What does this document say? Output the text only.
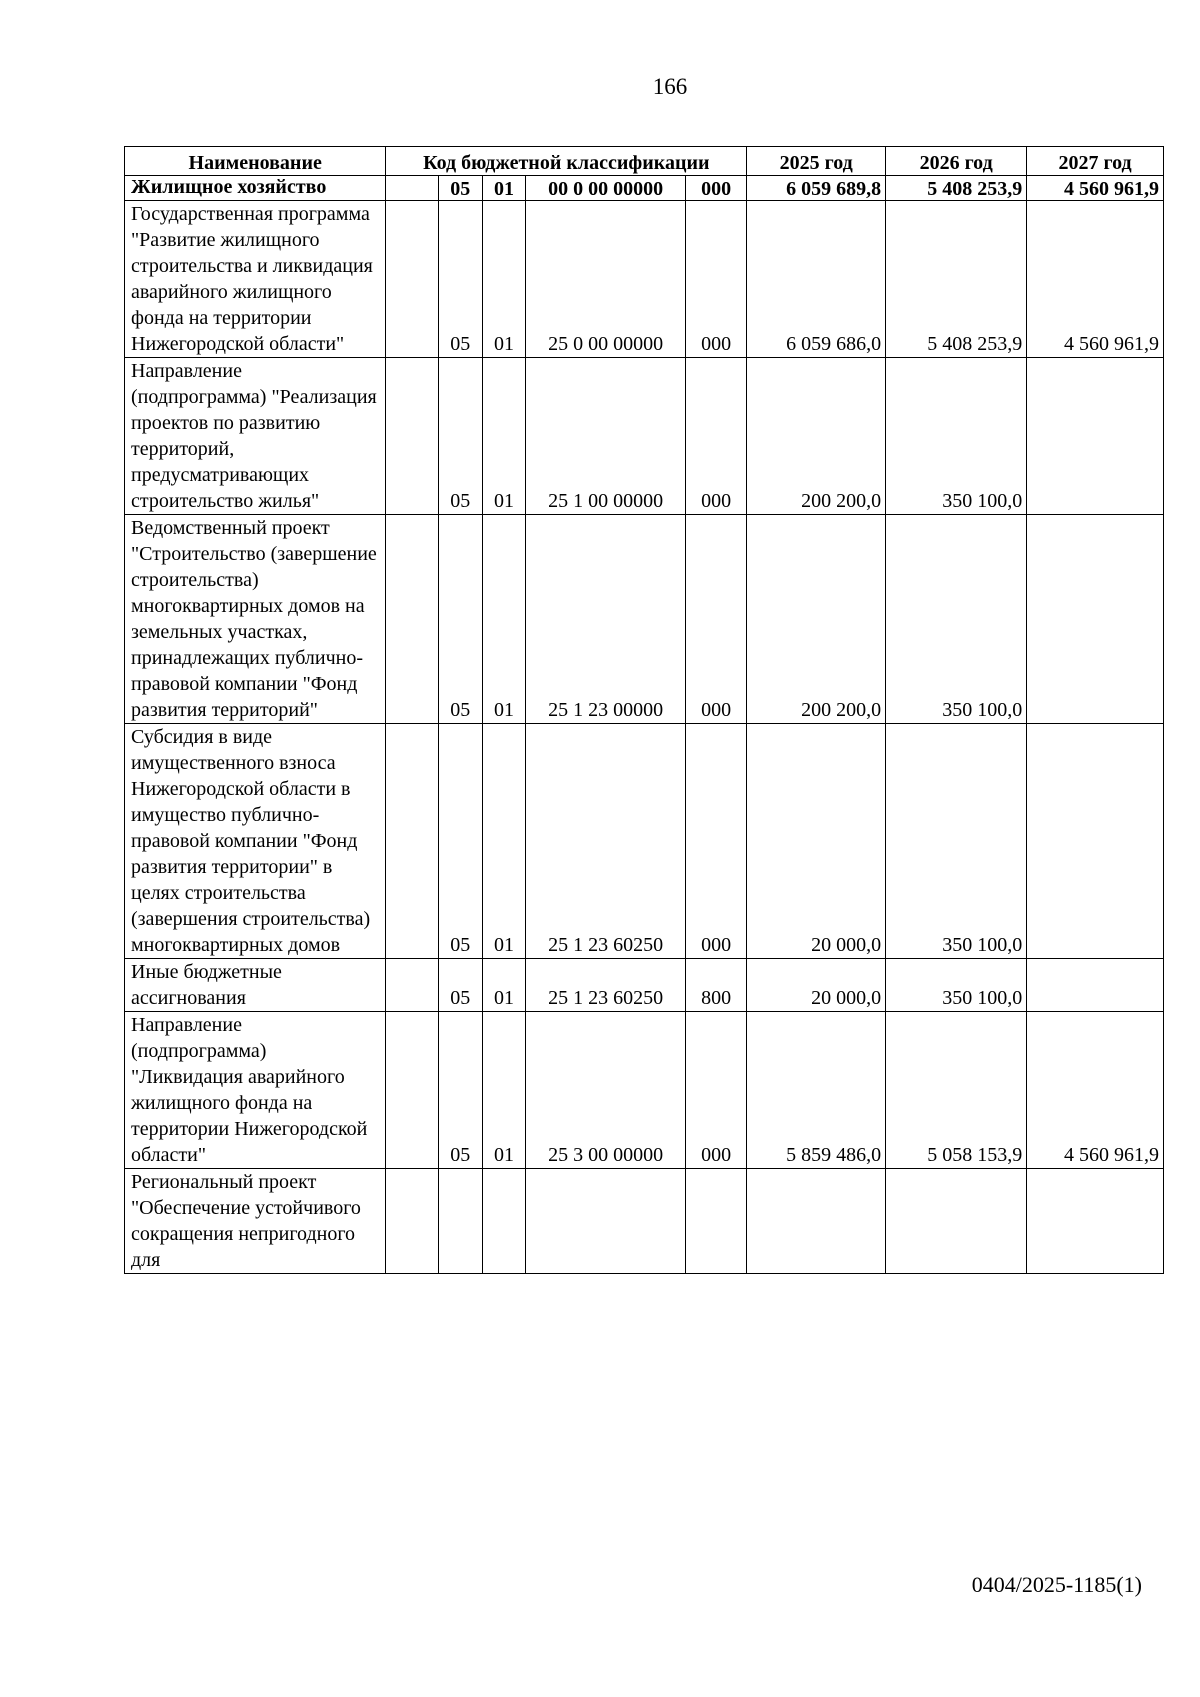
166
Наименование	Код бюджетной классификации					2025 год	2026 год	2027 год
Жилищное хозяйство		05	01	00 0 00 00000	000	6 059 689,8	5 408 253,9	4 560 961,9
Государственная программа "Развитие жилищного строительства и ликвидация аварийного жилищного фонда на территории Нижегородской области"		05	01	25 0 00 00000	000	6 059 686,0	5 408 253,9	4 560 961,9
Направление (подпрограмма) "Реализация проектов по развитию территорий, предусматривающих строительство жилья"		05	01	25 1 00 00000	000	200 200,0	350 100,0	
Ведомственный проект "Строительство (завершение строительства) многоквартирных домов на земельных участках, принадлежащих публично-правовой компании "Фонд развития территорий"		05	01	25 1 23 00000	000	200 200,0	350 100,0	
Субсидия в виде имущественного взноса Нижегородской области в имущество публично-правовой компании "Фонд развития территории" в целях строительства (завершения строительства) многоквартирных домов		05	01	25 1 23 60250	000	20 000,0	350 100,0	
Иные бюджетные ассигнования		05	01	25 1 23 60250	800	20 000,0	350 100,0	
Направление (подпрограмма) "Ликвидация аварийного жилищного фонда на территории Нижегородской области"		05	01	25 3 00 00000	000	5 859 486,0	5 058 153,9	4 560 961,9
Региональный проект "Обеспечение устойчивого сокращения непригодного для								
0404/2025-1185(1)
